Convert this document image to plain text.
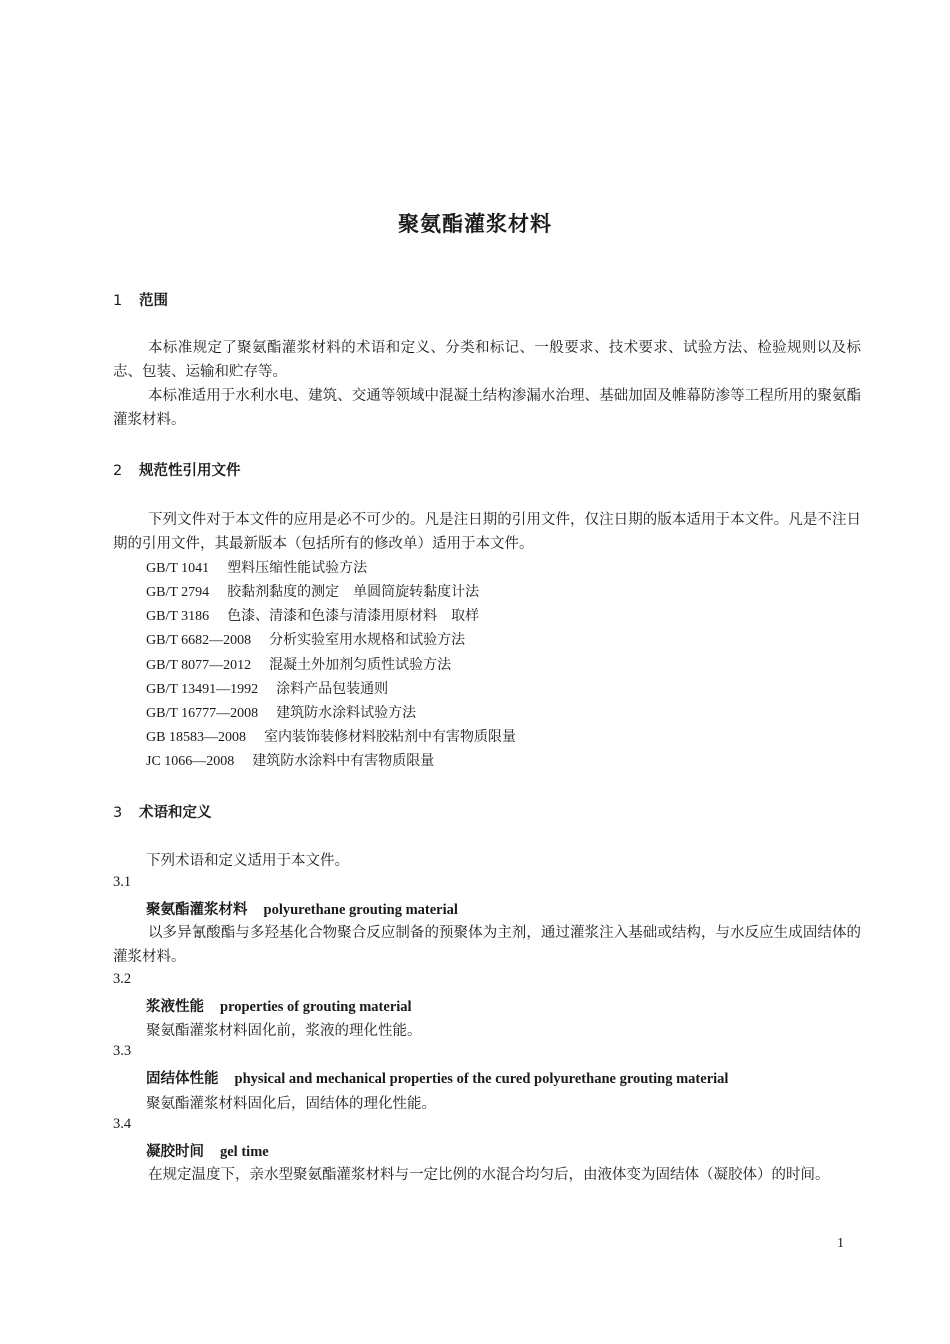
聚氨酯灌浆材料
1 范围
本标准规定了聚氨酯灌浆材料的术语和定义、分类和标记、一般要求、技术要求、试验方法、检验规则以及标志、包装、运输和贮存等。
本标准适用于水利水电、建筑、交通等领域中混凝土结构渗漏水治理、基础加固及帷幕防渗等工程所用的聚氨酯灌浆材料。
2 规范性引用文件
下列文件对于本文件的应用是必不可少的。凡是注日期的引用文件，仅注日期的版本适用于本文件。凡是不注日期的引用文件，其最新版本（包括所有的修改单）适用于本文件。
GB/T 1041 塑料压缩性能试验方法
GB/T 2794 胶黏剂黏度的测定　单圆筒旋转黏度计法
GB/T 3186 色漆、清漆和色漆与清漆用原材料　取样
GB/T 6682—2008 分析实验室用水规格和试验方法
GB/T 8077—2012 混凝土外加剂匀质性试验方法
GB/T 13491—1992 涂料产品包装通则
GB/T 16777—2008 建筑防水涂料试验方法
GB 18583—2008 室内装饰装修材料胶粘剂中有害物质限量
JC 1066—2008 建筑防水涂料中有害物质限量
3 术语和定义
下列术语和定义适用于本文件。
3.1
聚氨酯灌浆材料 polyurethane grouting material
以多异氰酸酯与多羟基化合物聚合反应制备的预聚体为主剂，通过灌浆注入基础或结构，与水反应生成固结体的灌浆材料。
3.2
浆液性能 properties of grouting material
聚氨酯灌浆材料固化前，浆液的理化性能。
3.3
固结体性能 physical and mechanical properties of the cured polyurethane grouting material
聚氨酯灌浆材料固化后，固结体的理化性能。
3.4
凝胶时间 gel time
在规定温度下，亲水型聚氨酯灌浆材料与一定比例的水混合均匀后，由液体变为固结体（凝胶体）的时间。
1
